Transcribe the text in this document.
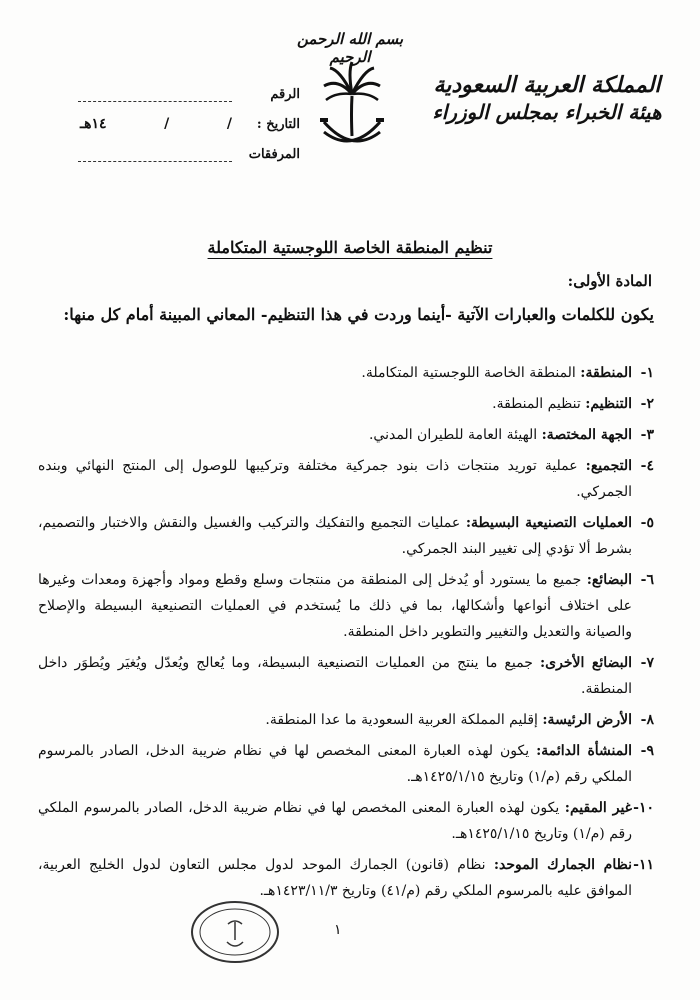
بسم الله الرحمن الرحيم
المملكة العربية السعودية
هيئة الخبراء بمجلس الوزراء
الرقم
التاريخ :
/
/
١٤هـ
المرفقات
تنظيم المنطقة الخاصة اللوجستية المتكاملة
المادة الأولى:
يكون للكلمات والعبارات الآتية -أينما وردت في هذا التنظيم- المعاني المبينة أمام كل منها:
١-
المنطقة: المنطقة الخاصة اللوجستية المتكاملة.
٢-
التنظيم: تنظيم المنطقة.
٣-
الجهة المختصة: الهيئة العامة للطيران المدني.
٤-
التجميع: عملية توريد منتجات ذات بنود جمركية مختلفة وتركيبها للوصول إلى المنتج النهائي وبنده الجمركي.
٥-
العمليات التصنيعية البسيطة: عمليات التجميع والتفكيك والتركيب والغسيل والنقش والاختبار والتصميم، بشرط ألا تؤدي إلى تغيير البند الجمركي.
٦-
البضائع: جميع ما يستورد أو يُدخل إلى المنطقة من منتجات وسلع وقطع ومواد وأجهزة ومعدات وغيرها على اختلاف أنواعها وأشكالها، بما في ذلك ما يُستخدم في العمليات التصنيعية البسيطة والإصلاح والصيانة والتعديل والتغيير والتطوير داخل المنطقة.
٧-
البضائع الأخرى: جميع ما ينتج من العمليات التصنيعية البسيطة، وما يُعالج ويُعدّل ويُغيَر ويُطوَر داخل المنطقة.
٨-
الأرض الرئيسة: إقليم المملكة العربية السعودية ما عدا المنطقة.
٩-
المنشأة الدائمة: يكون لهذه العبارة المعنى المخصص لها في نظام ضريبة الدخل، الصادر بالمرسوم الملكي رقم (م/١) وتاريخ ١٤٢٥/١/١٥هـ.
١٠-
غير المقيم: يكون لهذه العبارة المعنى المخصص لها في نظام ضريبة الدخل، الصادر بالمرسوم الملكي رقم (م/١) وتاريخ ١٤٢٥/١/١٥هـ.
١١-
نظام الجمارك الموحد: نظام (قانون) الجمارك الموحد لدول مجلس التعاون لدول الخليج العربية، الموافق عليه بالمرسوم الملكي رقم (م/٤١) وتاريخ ١٤٢٣/١١/٣هـ.
١
